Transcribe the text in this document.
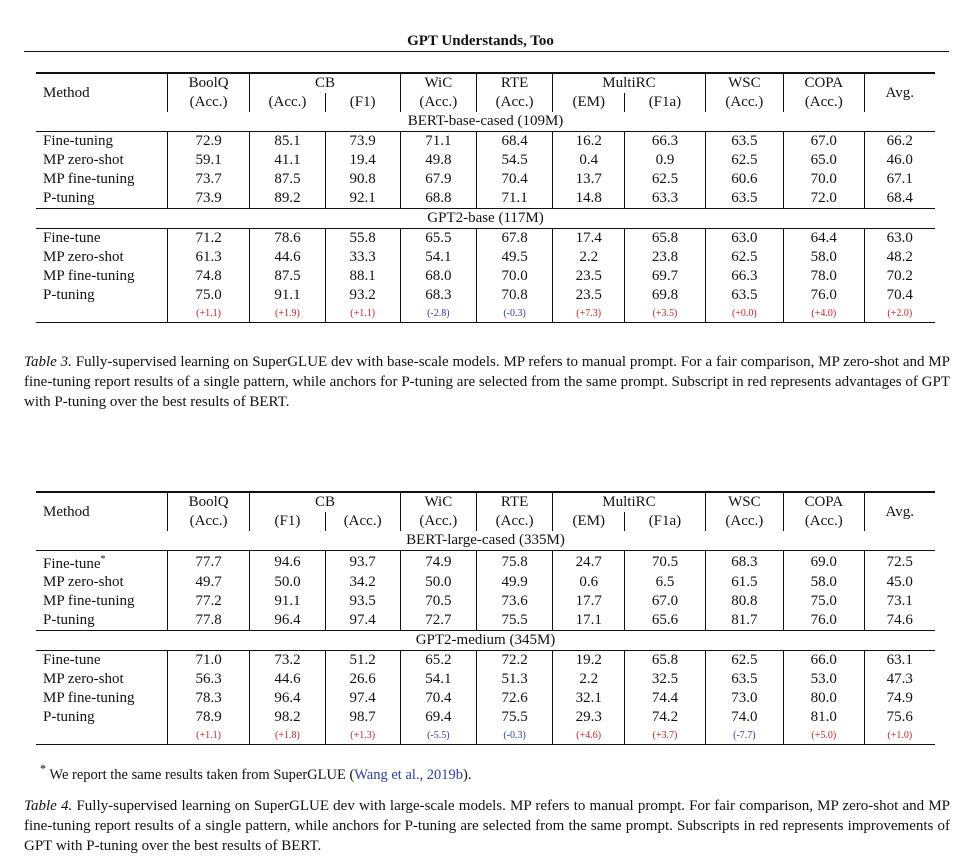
GPT Understands, Too
Method	BoolQ	CB		WiC	RTE	MultiRC		WSC	COPA	Avg.
	(Acc.)	(Acc.)	(F1)	(Acc.)	(Acc.)	(EM)	(F1a)	(Acc.)	(Acc.)	
BERT-base-cased (109M)										
Fine-tuning	72.9	85.1	73.9	71.1	68.4	16.2	66.3	63.5	67.0	66.2
MP zero-shot	59.1	41.1	19.4	49.8	54.5	0.4	0.9	62.5	65.0	46.0
MP fine-tuning	73.7	87.5	90.8	67.9	70.4	13.7	62.5	60.6	70.0	67.1
P-tuning	73.9	89.2	92.1	68.8	71.1	14.8	63.3	63.5	72.0	68.4
GPT2-base (117M)										
Fine-tune	71.2	78.6	55.8	65.5	67.8	17.4	65.8	63.0	64.4	63.0
MP zero-shot	61.3	44.6	33.3	54.1	49.5	2.2	23.8	62.5	58.0	48.2
MP fine-tuning	74.8	87.5	88.1	68.0	70.0	23.5	69.7	66.3	78.0	70.2
P-tuning	75.0	91.1	93.2	68.3	70.8	23.5	69.8	63.5	76.0	70.4
	(+1.1)	(+1.9)	(+1.1)	(-2.8)	(-0.3)	(+7.3)	(+3.5)	(+0.0)	(+4.0)	(+2.0)
Table 3. Fully-supervised learning on SuperGLUE dev with base-scale models. MP refers to manual prompt. For a fair comparison, MP zero-shot and MP fine-tuning report results of a single pattern, while anchors for P-tuning are selected from the same prompt. Subscript in red represents advantages of GPT with P-tuning over the best results of BERT.
Method	BoolQ	CB		WiC	RTE	MultiRC		WSC	COPA	Avg.
	(Acc.)	(F1)	(Acc.)	(Acc.)	(Acc.)	(EM)	(F1a)	(Acc.)	(Acc.)	
BERT-large-cased (335M)										
Fine-tune*	77.7	94.6	93.7	74.9	75.8	24.7	70.5	68.3	69.0	72.5
MP zero-shot	49.7	50.0	34.2	50.0	49.9	0.6	6.5	61.5	58.0	45.0
MP fine-tuning	77.2	91.1	93.5	70.5	73.6	17.7	67.0	80.8	75.0	73.1
P-tuning	77.8	96.4	97.4	72.7	75.5	17.1	65.6	81.7	76.0	74.6
GPT2-medium (345M)										
Fine-tune	71.0	73.2	51.2	65.2	72.2	19.2	65.8	62.5	66.0	63.1
MP zero-shot	56.3	44.6	26.6	54.1	51.3	2.2	32.5	63.5	53.0	47.3
MP fine-tuning	78.3	96.4	97.4	70.4	72.6	32.1	74.4	73.0	80.0	74.9
P-tuning	78.9	98.2	98.7	69.4	75.5	29.3	74.2	74.0	81.0	75.6
	(+1.1)	(+1.8)	(+1.3)	(-5.5)	(-0.3)	(+4.6)	(+3.7)	(-7.7)	(+5.0)	(+1.0)
* We report the same results taken from SuperGLUE (Wang et al., 2019b).
Table 4. Fully-supervised learning on SuperGLUE dev with large-scale models. MP refers to manual prompt. For fair comparison, MP zero-shot and MP fine-tuning report results of a single pattern, while anchors for P-tuning are selected from the same prompt. Subscripts in red represents improvements of GPT with P-tuning over the best results of BERT.
